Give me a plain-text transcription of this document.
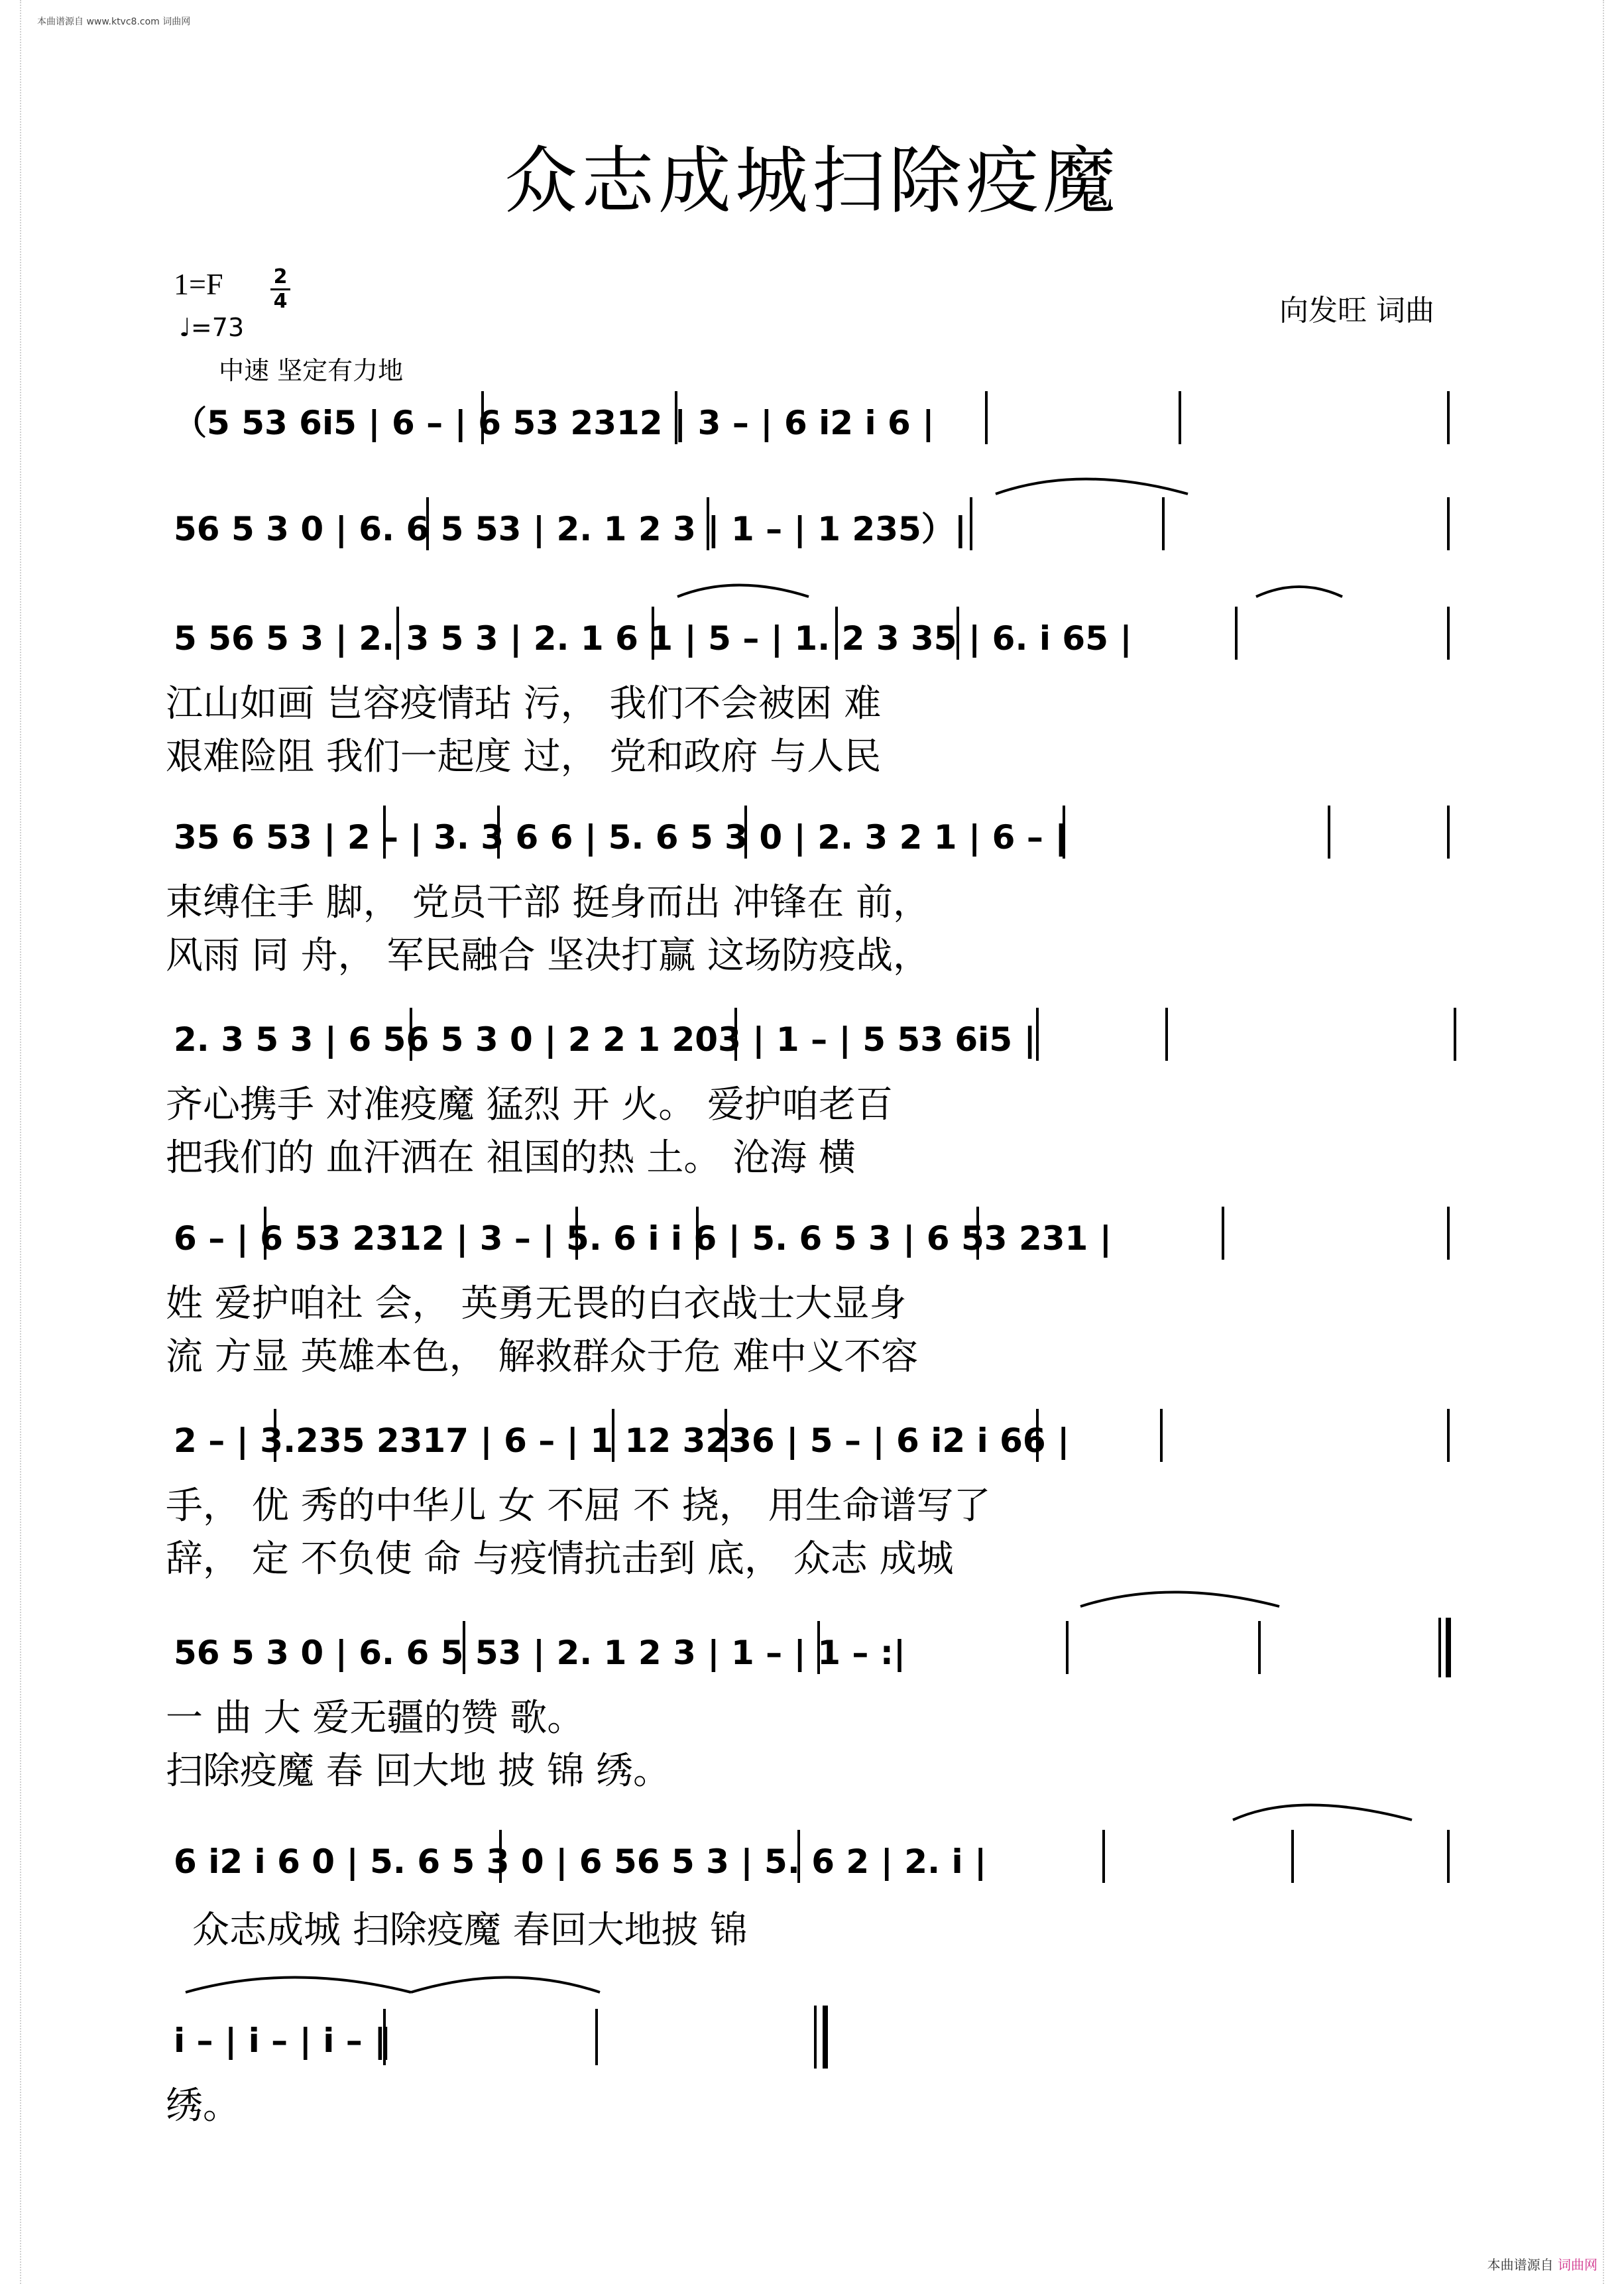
本曲谱源自 www.ktvc8.com 词曲网
众志成城扫除疫魔
1=F	2
4
♩=73
中速 坚定有力地
向发旺 词曲
（5 53 6i5 | 6 – | 6 53 2312 | 3 – | 6 i2 i 6 |
56 5 3 0 | 6. 6 5 53 | 2. 1 2 3 | 1 – | 1 235）|
5 56 5 3 | 2. 3 5 3 | 2. 1 6 1 | 5 – | 1. 2 3 35 | 6. i 65 |
江山如画 岂容疫情玷 污， 我们不会被困 难
艰难险阻 我们一起度 过， 党和政府 与人民
35 6 53 | 2 – | 3. 3 6 6 | 5. 6 5 3 0 | 2. 3 2 1 | 6 – |
束缚住手 脚， 党员干部 挺身而出 冲锋在 前，
风雨 同 舟， 军民融合 坚决打赢 这场防疫战，
2. 3 5 3 | 6 56 5 3 0 | 2 2 1 203 | 1 – | 5 53 6i5 |
齐心携手 对准疫魔 猛烈 开 火。 爱护咱老百
把我们的 血汗洒在 祖国的热 土。 沧海 横
6 – | 6 53 2312 | 3 – | 5. 6 i i 6 | 5. 6 5 3 | 6 53 231 |
姓 爱护咱社 会， 英勇无畏的白衣战士大显身
流 方显 英雄本色， 解救群众于危 难中义不容
2 – | 3.235 2317 | 6 – | 1 12 3236 | 5 – | 6 i2 i 66 |
手， 优 秀的中华儿 女 不屈 不 挠， 用生命谱写了
辞， 定 不负使 命 与疫情抗击到 底， 众志 成城
56 5 3 0 | 6. 6 5 53 | 2. 1 2 3 | 1 – | 1 – :|
一 曲 大 爱无疆的赞 歌。
扫除疫魔 春 回大地 披 锦 绣。
6 i2 i 6 0 | 5. 6 5 3 0 | 6 56 5 3 | 5. 6 2 | 2. i |
众志成城 扫除疫魔 春回大地披 锦
i – | i – | i – ‖
绣。
本曲谱源自 词曲网
